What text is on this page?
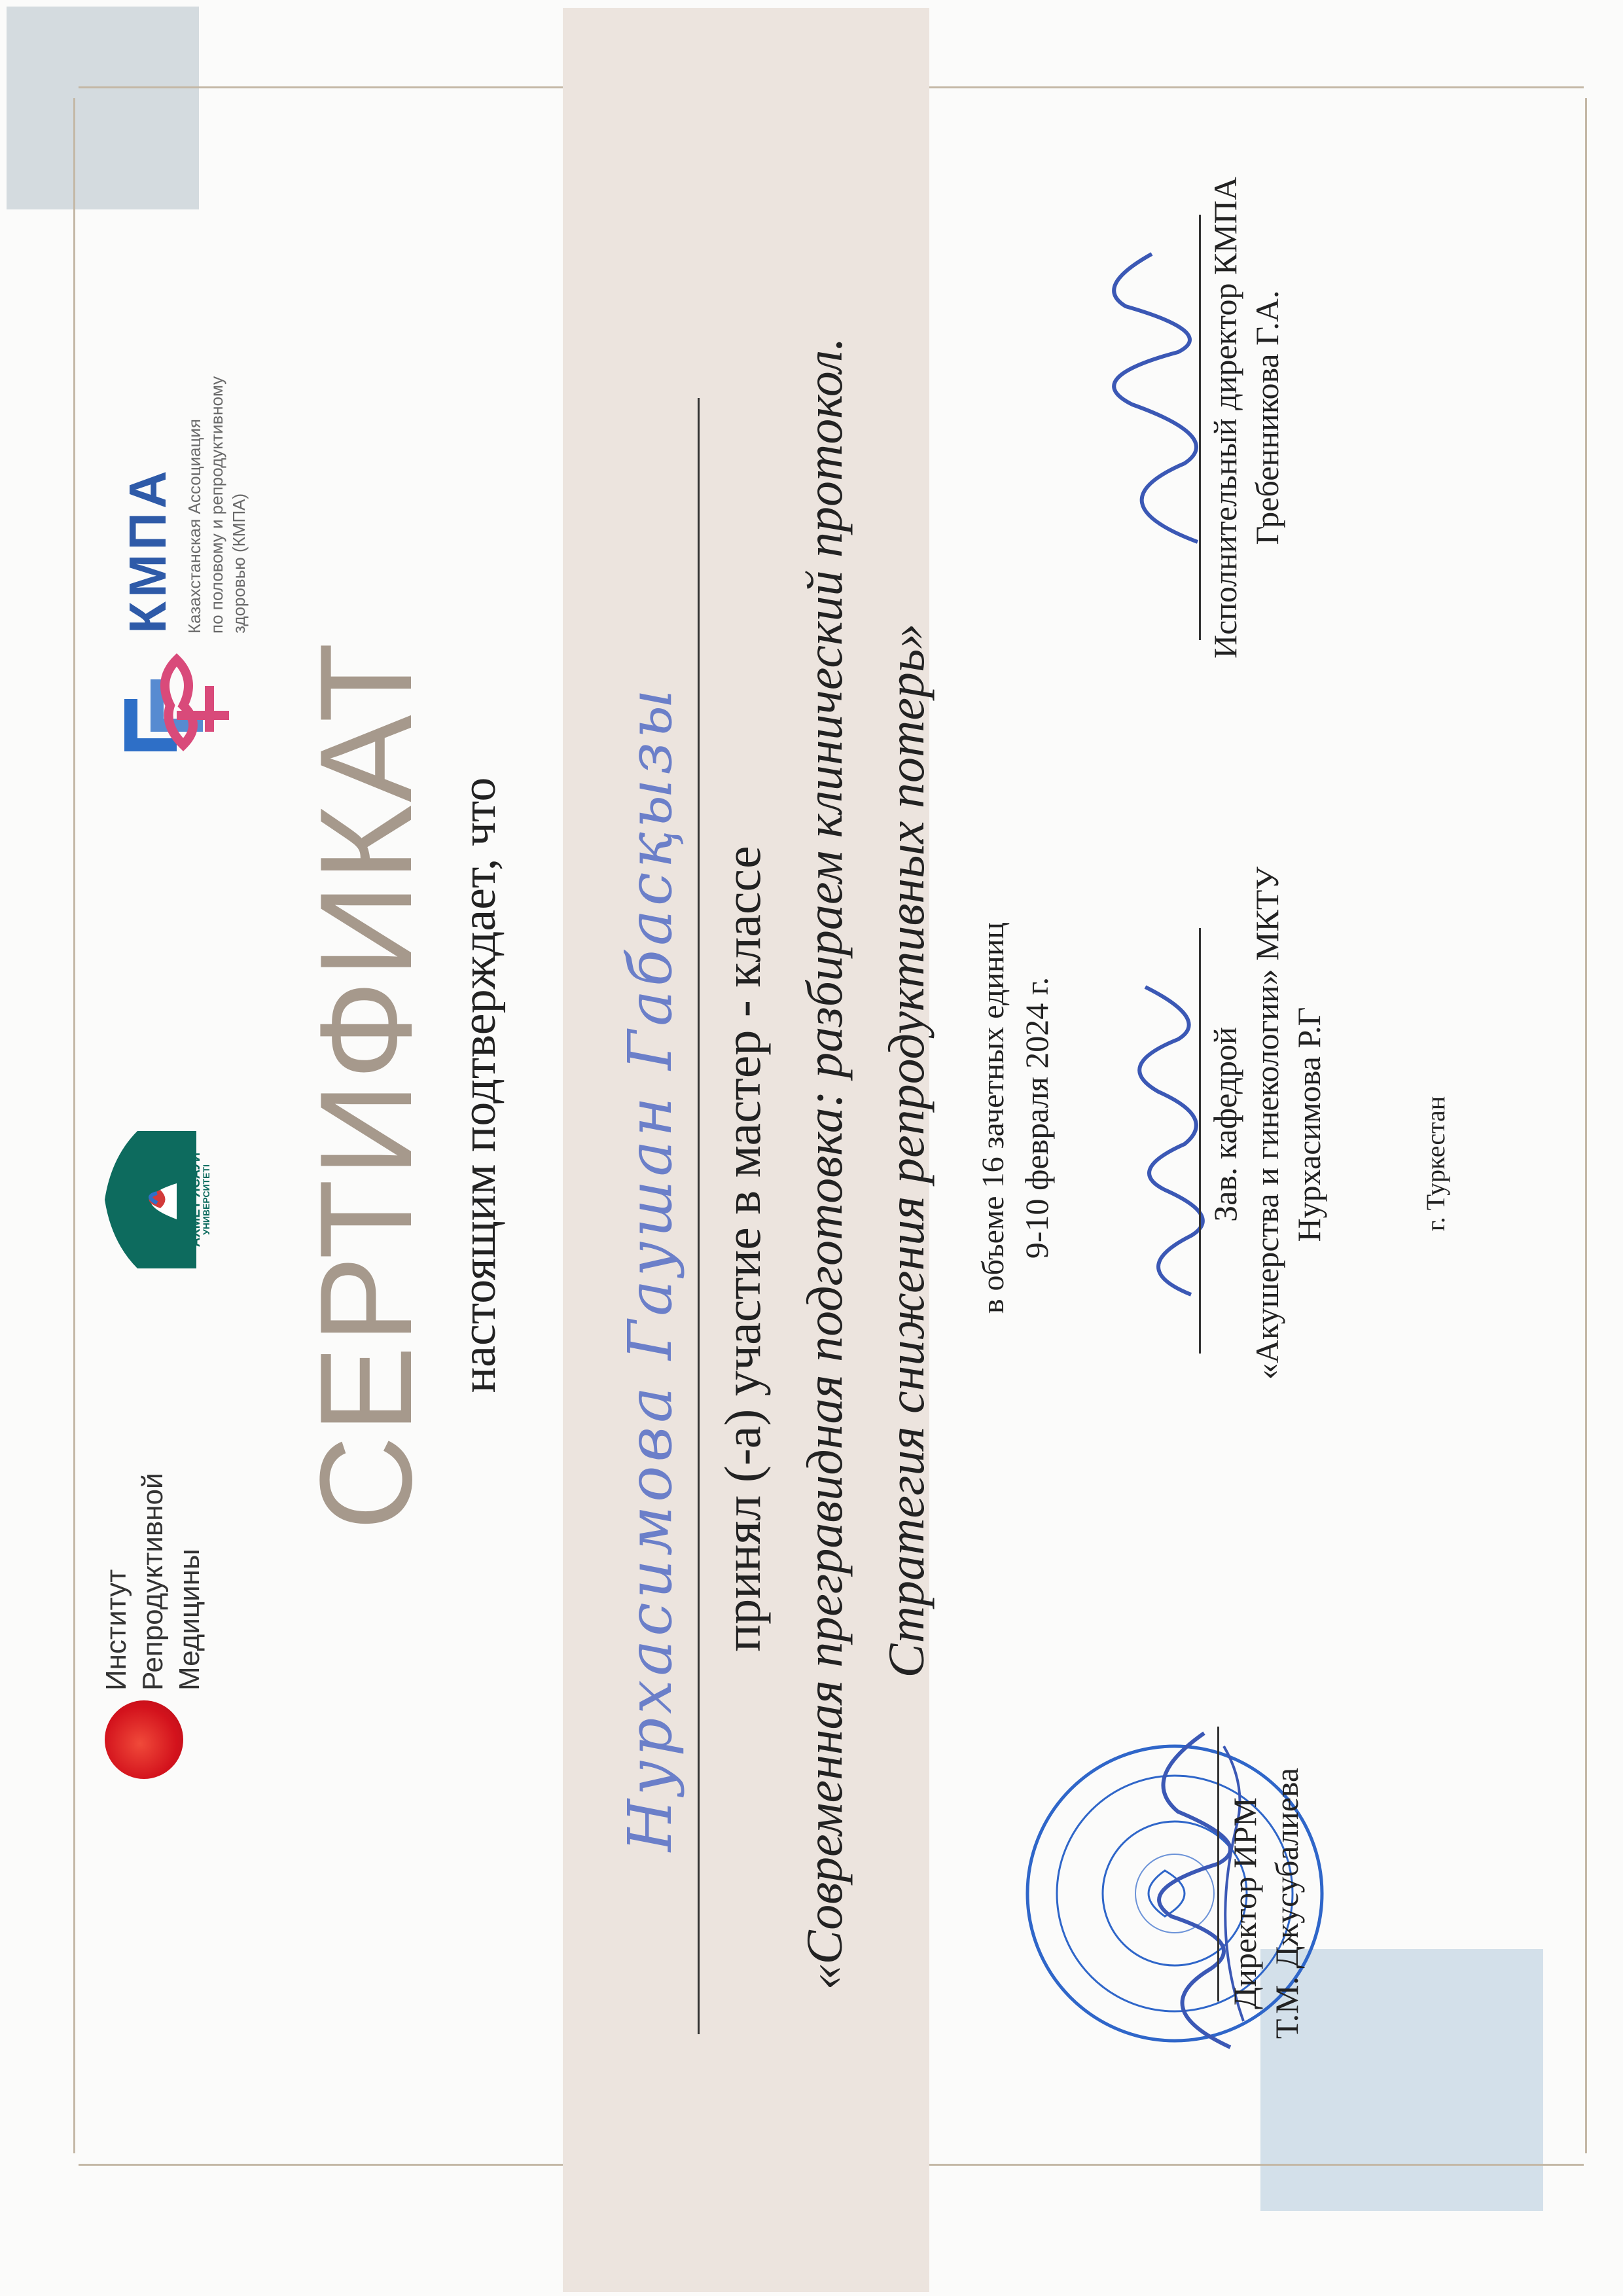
Институт Репродуктивной Медицины
АХМЕТ ЯСАУИ
УНИВЕРСИТЕТІ
КМПА Казахстанская Ассоциация по половому и репродуктивному здоровью (КМПА)
СЕРТИФИКАТ настоящим подтверждает, что Нурхасимова Гаушан Габасқызы принял (-а) участие в мастер - классе «Современная прегравидная подготовка: разбираем клинический протокол. Стратегия снижения репродуктивных потерь» в объеме 16 зачетных единиц 9-10 февраля 2024 г.
Директор ИРМ Т.М. Джусубалиева
Зав. кафедрой «Акушерства и гинекологии» МКТУ Нурхасимова Р.Г
Исполнительный директор КМПА Гребенникова Г.А.
г. Туркестан
